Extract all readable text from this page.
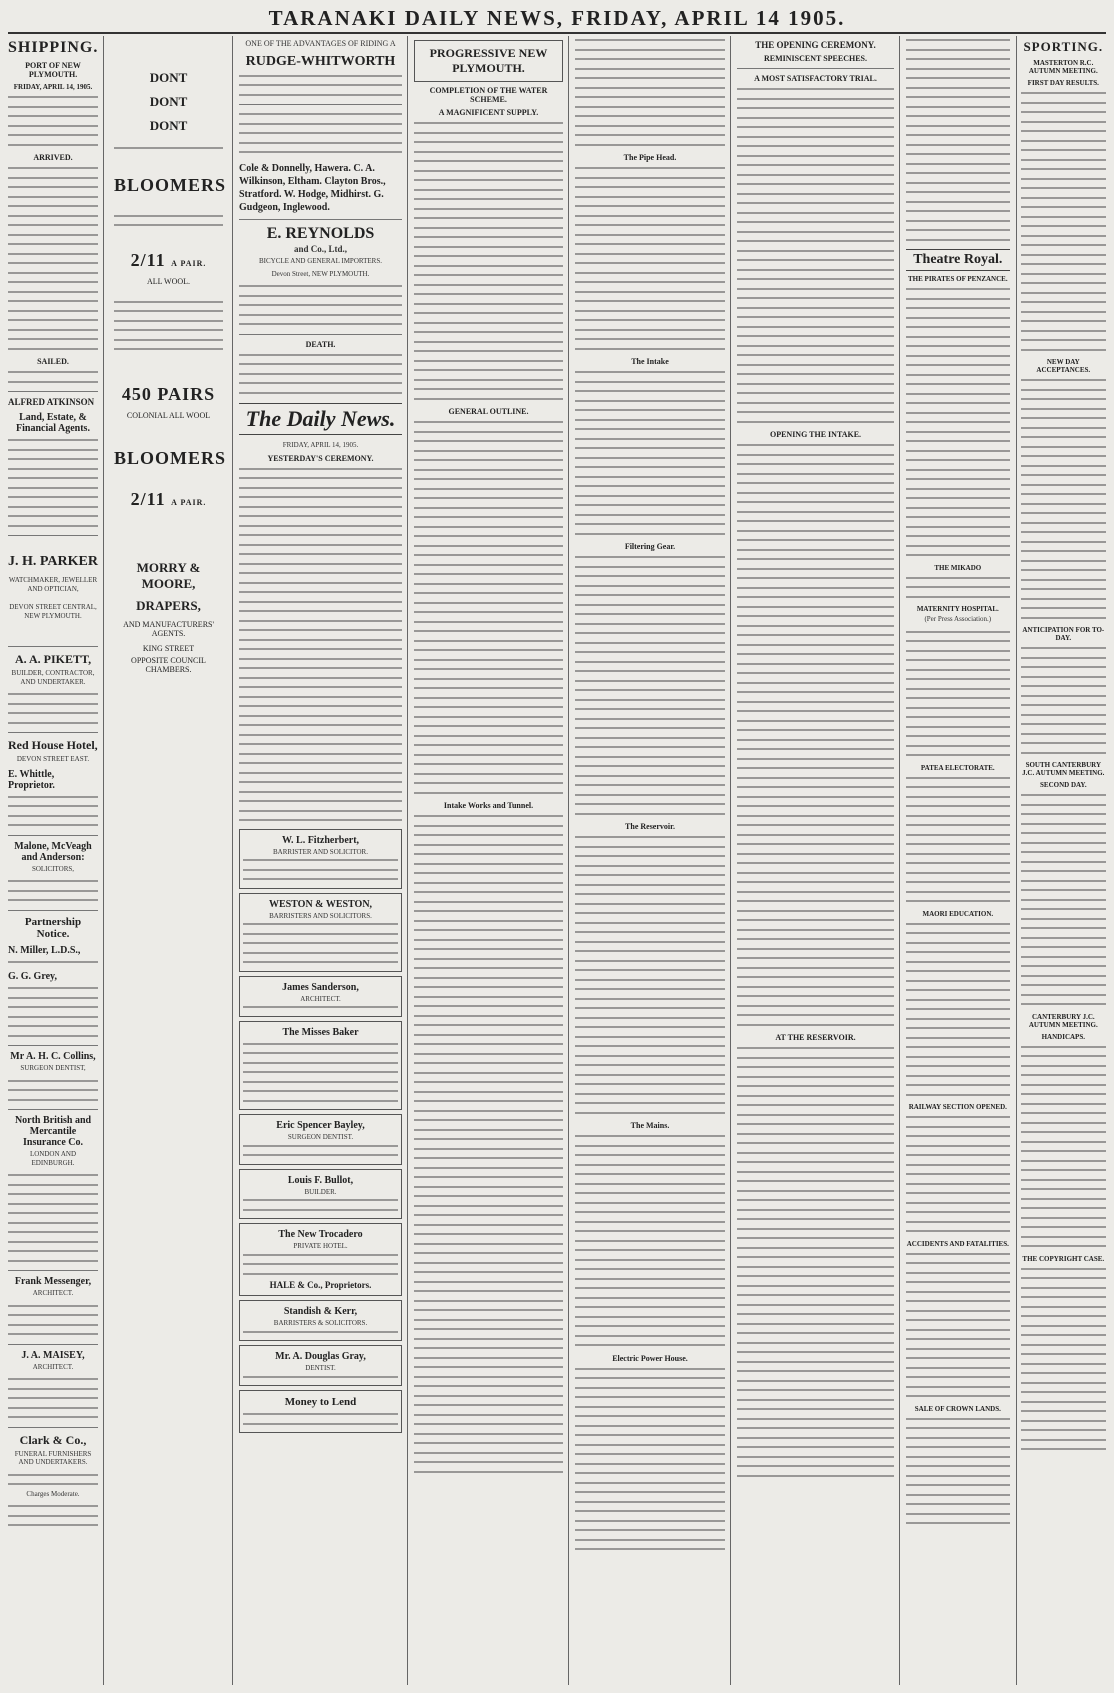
TARANAKI DAILY NEWS, FRIDAY, APRIL 14 1905.
SHIPPING.
PORT OF NEW PLYMOUTH.
FRIDAY, APRIL 14, 1905.
ARRIVED.
SAILED.
ALFRED ATKINSON
Land, Estate, & Financial Agents.
J. H. PARKER
WATCHMAKER, JEWELLER AND OPTICIAN,
DEVON STREET CENTRAL, NEW PLYMOUTH.
A. A. PIKETT,
BUILDER, CONTRACTOR, AND UNDERTAKER.
Red House Hotel,
DEVON STREET EAST.
E. Whittle, Proprietor.
Malone, McVeagh and Anderson:
SOLICITORS,
Partnership Notice.
N. Miller, L.D.S.,
G. G. Grey,
Mr A. H. C. Collins,
SURGEON DENTIST,
North British and Mercantile Insurance Co.
LONDON AND EDINBURGH.
Frank Messenger,
ARCHITECT.
J. A. MAISEY,
ARCHITECT.
Clark & Co.,
FUNERAL FURNISHERS AND UNDERTAKERS.
Charges Moderate.
DONT
DONT
DONT
BLOOMERS
2/11 A PAIR.
ALL WOOL.
450 PAIRS
COLONIAL ALL WOOL
BLOOMERS
2/11 A PAIR.
MORRY & MOORE,
DRAPERS,
AND MANUFACTURERS' AGENTS.
KING STREET
OPPOSITE COUNCIL CHAMBERS.
ONE OF THE ADVANTAGES OF RIDING A
RUDGE-WHITWORTH
Cole & Donnelly, Hawera. C. A. Wilkinson, Eltham. Clayton Bros., Stratford. W. Hodge, Midhirst. G. Gudgeon, Inglewood.
E. REYNOLDS
and Co., Ltd.,
BICYCLE AND GENERAL IMPORTERS.
Devon Street, NEW PLYMOUTH.
DEATH.
The Daily News.
FRIDAY, APRIL 14, 1905.
YESTERDAY'S CEREMONY.
W. L. Fitzherbert,
BARRISTER AND SOLICITOR.
WESTON & WESTON,
BARRISTERS AND SOLICITORS.
James Sanderson,
ARCHITECT.
The Misses Baker
Eric Spencer Bayley,
SURGEON DENTIST.
Louis F. Bullot,
BUILDER.
The New Trocadero
PRIVATE HOTEL.
HALE & Co., Proprietors.
Standish & Kerr,
BARRISTERS & SOLICITORS.
Mr. A. Douglas Gray,
DENTIST.
Money to Lend
PROGRESSIVE NEW PLYMOUTH.
COMPLETION OF THE WATER SCHEME.
A MAGNIFICENT SUPPLY.
GENERAL OUTLINE.
Intake Works and Tunnel.
The Pipe Head.
The Intake
Filtering Gear.
The Reservoir.
The Mains.
Electric Power House.
THE OPENING CEREMONY.
REMINISCENT SPEECHES.
A MOST SATISFACTORY TRIAL.
OPENING THE INTAKE.
AT THE RESERVOIR.
Theatre Royal.
THE PIRATES OF PENZANCE.
THE MIKADO
MATERNITY HOSPITAL.
(Per Press Association.)
PATEA ELECTORATE.
MAORI EDUCATION.
RAILWAY SECTION OPENED.
ACCIDENTS AND FATALITIES.
SALE OF CROWN LANDS.
SPORTING.
MASTERTON R.C. AUTUMN MEETING.
FIRST DAY RESULTS.
NEW DAY ACCEPTANCES.
ANTICIPATION FOR TO-DAY.
SOUTH CANTERBURY J.C. AUTUMN MEETING.
SECOND DAY.
CANTERBURY J.C. AUTUMN MEETING.
HANDICAPS.
THE COPYRIGHT CASE.
